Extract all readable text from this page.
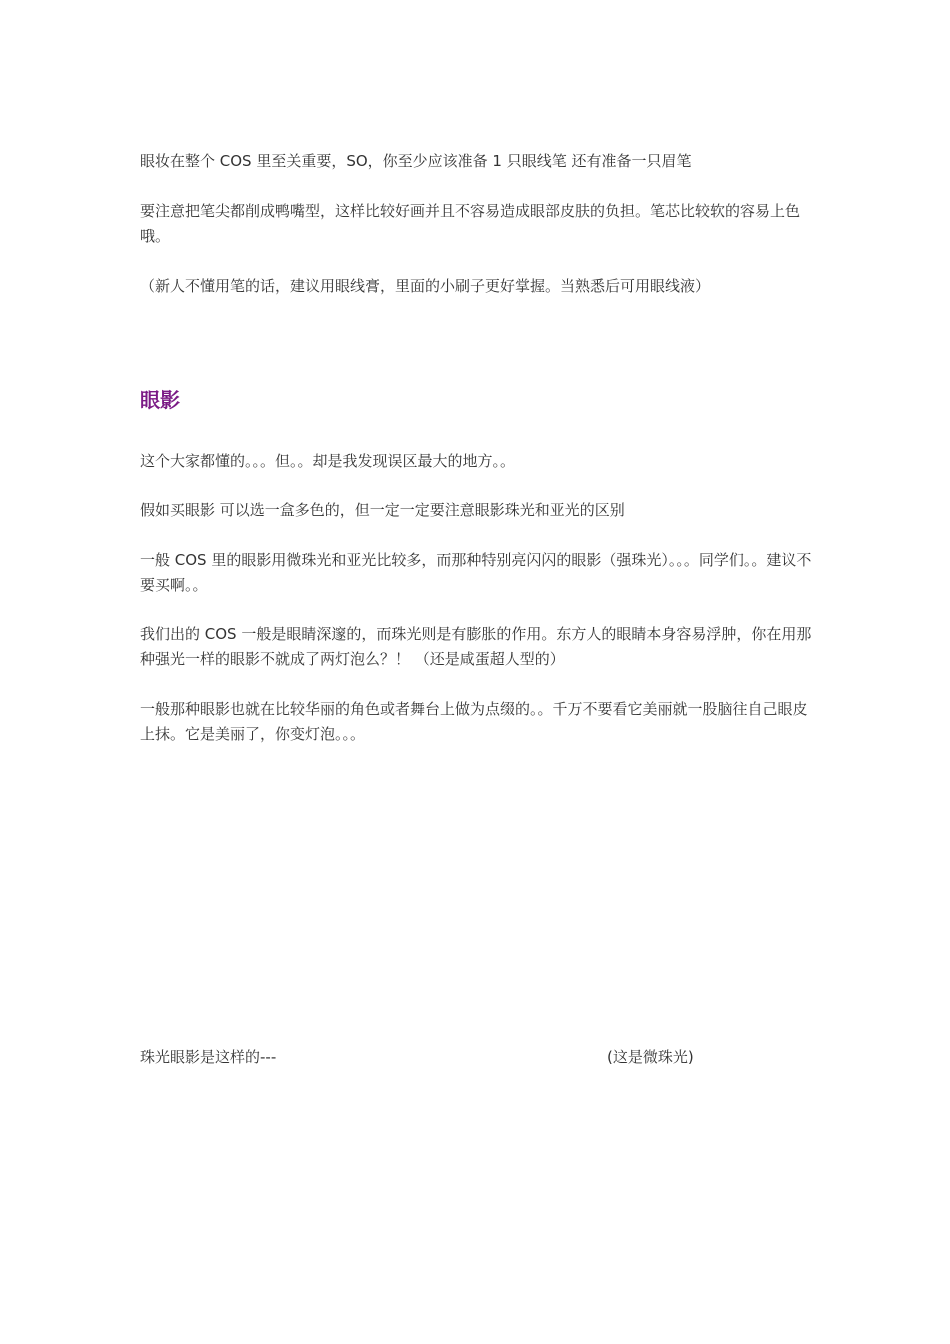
眼妆在整个 COS 里至关重要，SO，你至少应该准备 1 只眼线笔 还有准备一只眉笔
要注意把笔尖都削成鸭嘴型，这样比较好画并且不容易造成眼部皮肤的负担。笔芯比较软的容易上色哦。
（新人不懂用笔的话，建议用眼线膏，里面的小刷子更好掌握。当熟悉后可用眼线液）
眼影
这个大家都懂的。。。但。。却是我发现误区最大的地方。。
假如买眼影 可以选一盒多色的，但一定一定要注意眼影珠光和亚光的区别
一般 COS 里的眼影用微珠光和亚光比较多，而那种特别亮闪闪的眼影（强珠光）。。。同学们。。建议不要买啊。。
我们出的 COS 一般是眼睛深邃的，而珠光则是有膨胀的作用。东方人的眼睛本身容易浮肿，你在用那种强光一样的眼影不就成了两灯泡么？！ （还是咸蛋超人型的）
一般那种眼影也就在比较华丽的角色或者舞台上做为点缀的。。千万不要看它美丽就一股脑往自己眼皮上抹。它是美丽了，你变灯泡。。。
珠光眼影是这样的---	(这是微珠光)
